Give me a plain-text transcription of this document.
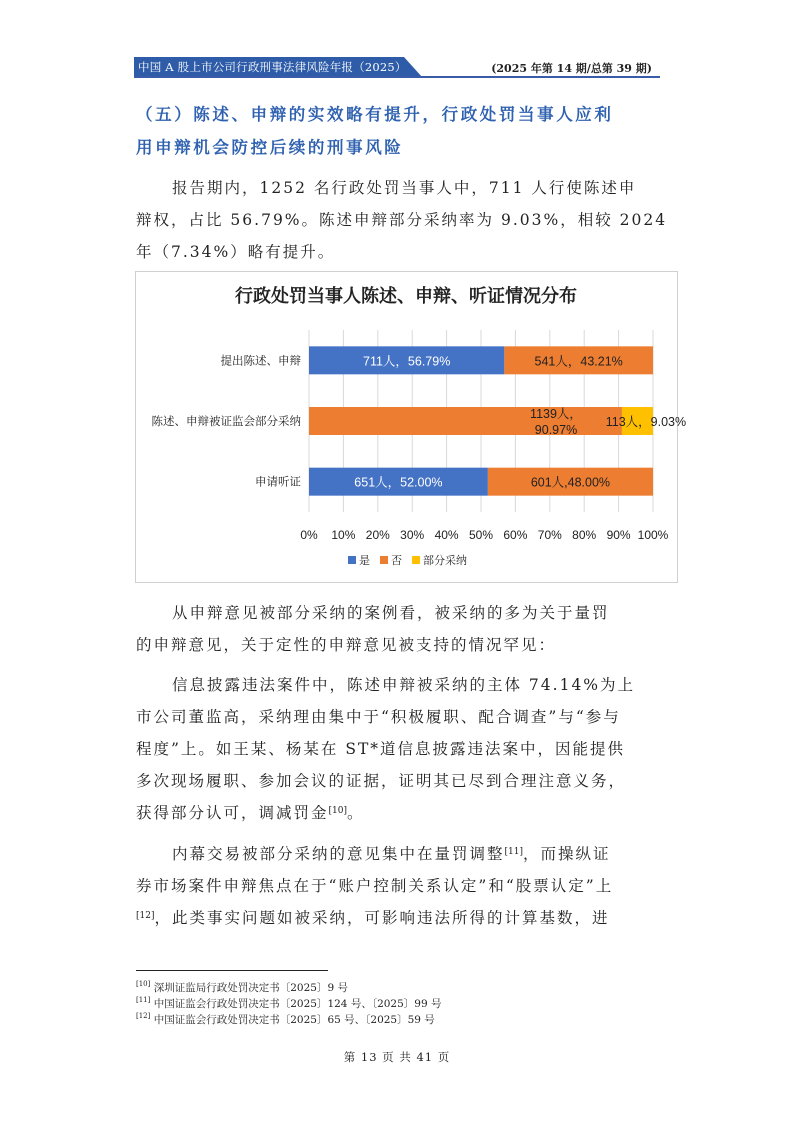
中国 A 股上市公司行政刑事法律风险年报（2025）	(2025 年第 14 期/总第 39 期)
（五）陈述、申辩的实效略有提升，行政处罚当事人应利
用申辩机会防控后续的刑事风险
报告期内，1252 名行政处罚当事人中，711 人行使陈述申
辩权，占比 56.79%。陈述申辩部分采纳率为 9.03%，相较 2024
年（7.34%）略有提升。
行政处罚当事人陈述、申辩、听证情况分布
0% 10% 20% 30% 40% 50% 60% 70% 80% 90% 100%
提出陈述、申辩	711人，56.79%	541人，43.21%
陈述、申辩被证监会部分采纳	1139人，
90.97%
113人，9.03%
申请听证	651人，52.00%	601人,48.00%
是 否 部分采纳
从申辩意见被部分采纳的案例看，被采纳的多为关于量罚
的申辩意见，关于定性的申辩意见被支持的情况罕见：
信息披露违法案件中，陈述申辩被采纳的主体 74.14%为上
市公司董监高，采纳理由集中于“积极履职、配合调查”与“参与
程度”上。如王某、杨某在 ST*道信息披露违法案中，因能提供
多次现场履职、参加会议的证据，证明其已尽到合理注意义务，
获得部分认可，调减罚金[10]。
内幕交易被部分采纳的意见集中在量罚调整[11]，而操纵证
券市场案件申辩焦点在于“账户控制关系认定”和“股票认定”上
[12]，此类事实问题如被采纳，可影响违法所得的计算基数，进
[10] 深圳证监局行政处罚决定书〔2025〕9 号
[11] 中国证监会行政处罚决定书〔2025〕124 号、〔2025〕99 号
[12] 中国证监会行政处罚决定书〔2025〕65 号、〔2025〕59 号
第 13 页 共 41 页
